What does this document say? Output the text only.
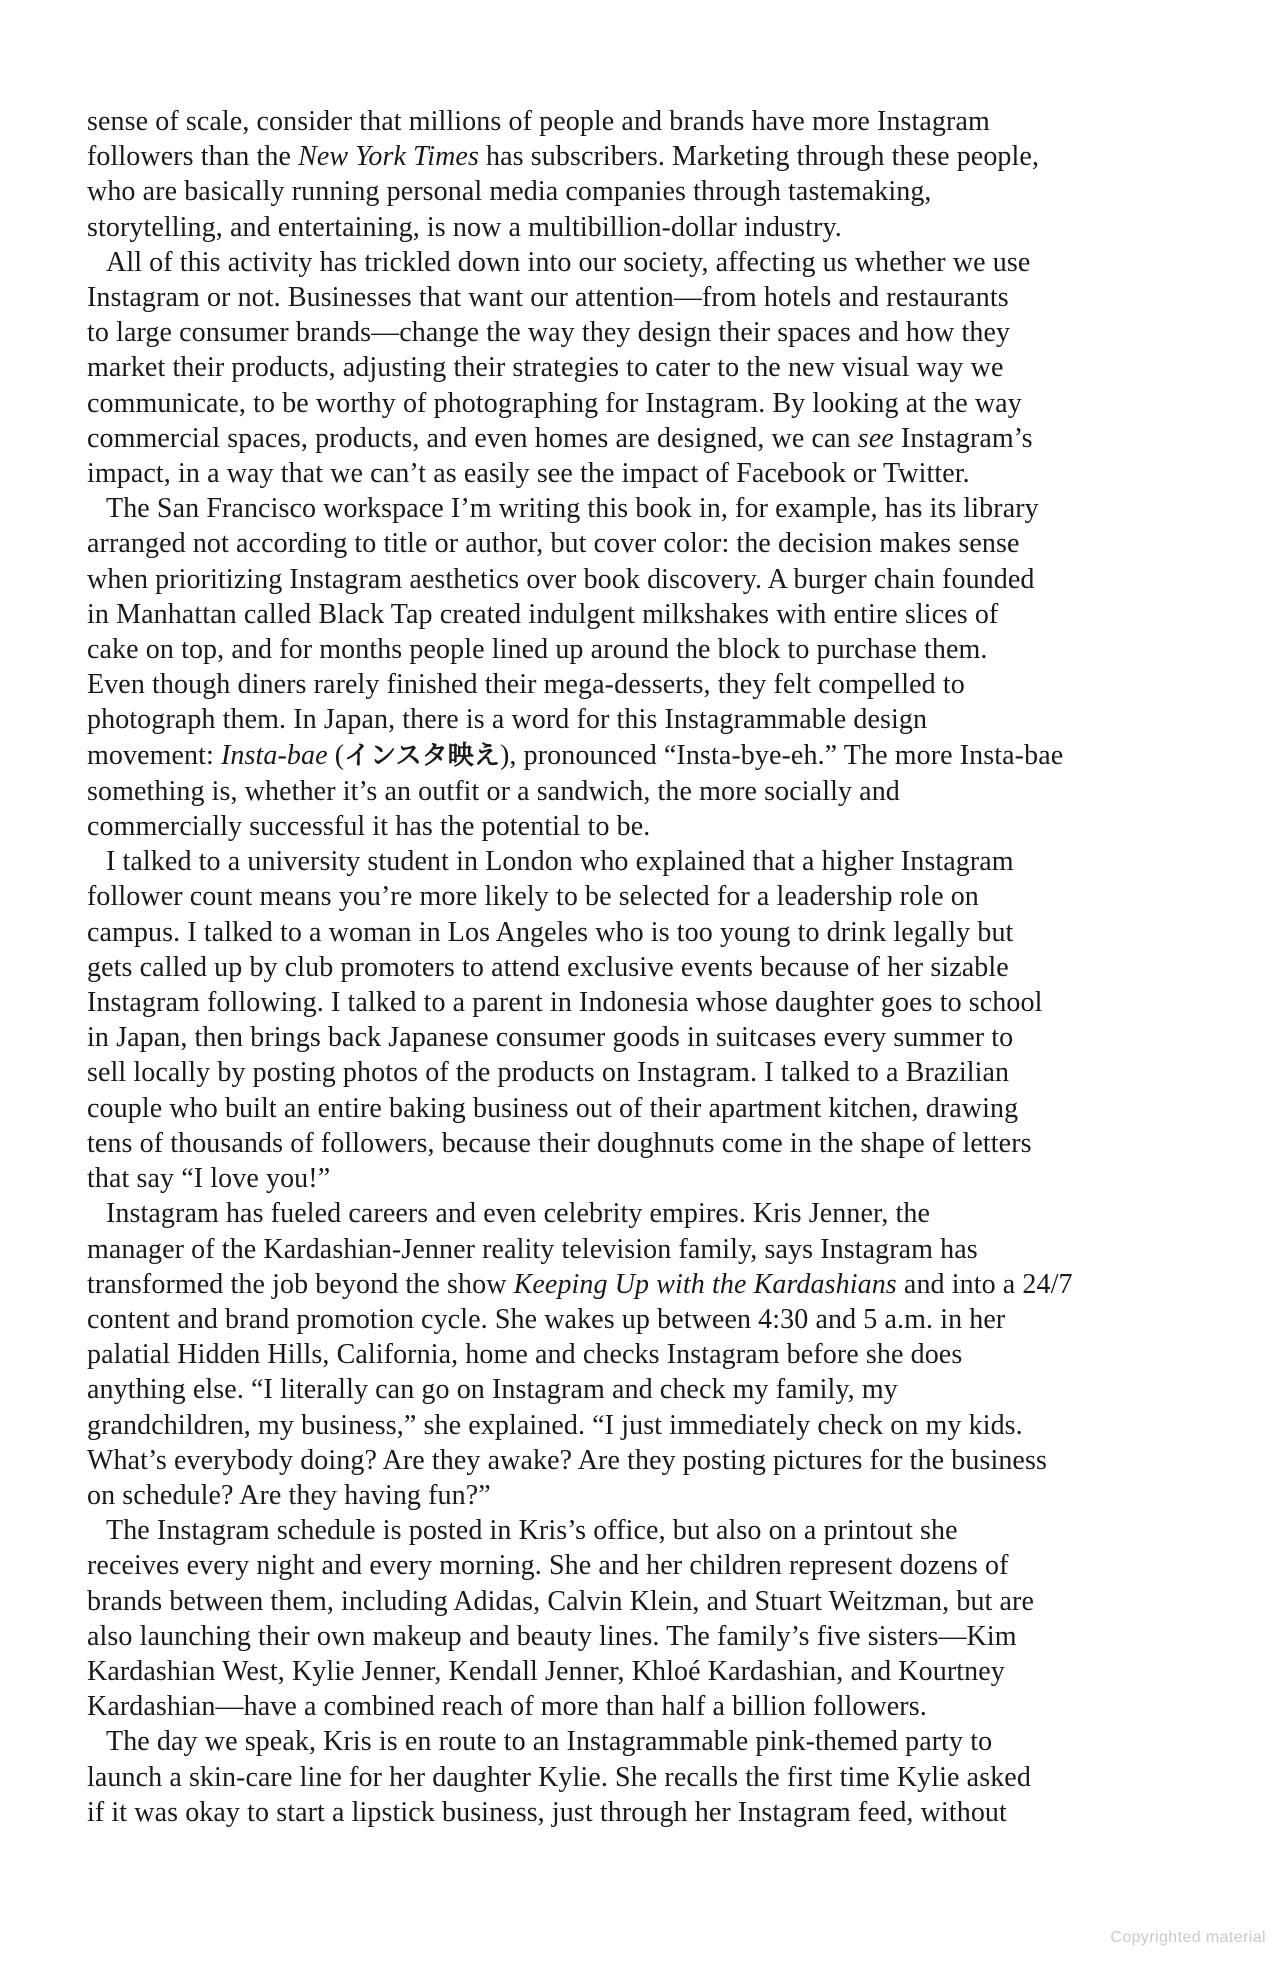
sense of scale, consider that millions of people and brands have more Instagram
followers than the New York Times has subscribers. Marketing through these people,
who are basically running personal media companies through tastemaking,
storytelling, and entertaining, is now a multibillion-dollar industry.
All of this activity has trickled down into our society, affecting us whether we use
Instagram or not. Businesses that want our attention—from hotels and restaurants
to large consumer brands—change the way they design their spaces and how they
market their products, adjusting their strategies to cater to the new visual way we
communicate, to be worthy of photographing for Instagram. By looking at the way
commercial spaces, products, and even homes are designed, we can see Instagram’s
impact, in a way that we can’t as easily see the impact of Facebook or Twitter.
The San Francisco workspace I’m writing this book in, for example, has its library
arranged not according to title or author, but cover color: the decision makes sense
when prioritizing Instagram aesthetics over book discovery. A burger chain founded
in Manhattan called Black Tap created indulgent milkshakes with entire slices of
cake on top, and for months people lined up around the block to purchase them.
Even though diners rarely finished their mega-desserts, they felt compelled to
photograph them. In Japan, there is a word for this Instagrammable design
movement: Insta-bae (インスタ映え), pronounced “Insta-bye-eh.” The more Insta-bae
something is, whether it’s an outfit or a sandwich, the more socially and
commercially successful it has the potential to be.
I talked to a university student in London who explained that a higher Instagram
follower count means you’re more likely to be selected for a leadership role on
campus. I talked to a woman in Los Angeles who is too young to drink legally but
gets called up by club promoters to attend exclusive events because of her sizable
Instagram following. I talked to a parent in Indonesia whose daughter goes to school
in Japan, then brings back Japanese consumer goods in suitcases every summer to
sell locally by posting photos of the products on Instagram. I talked to a Brazilian
couple who built an entire baking business out of their apartment kitchen, drawing
tens of thousands of followers, because their doughnuts come in the shape of letters
that say “I love you!”
Instagram has fueled careers and even celebrity empires. Kris Jenner, the
manager of the Kardashian-Jenner reality television family, says Instagram has
transformed the job beyond the show Keeping Up with the Kardashians and into a 24/7
content and brand promotion cycle. She wakes up between 4:30 and 5 a.m. in her
palatial Hidden Hills, California, home and checks Instagram before she does
anything else. “I literally can go on Instagram and check my family, my
grandchildren, my business,” she explained. “I just immediately check on my kids.
What’s everybody doing? Are they awake? Are they posting pictures for the business
on schedule? Are they having fun?”
The Instagram schedule is posted in Kris’s office, but also on a printout she
receives every night and every morning. She and her children represent dozens of
brands between them, including Adidas, Calvin Klein, and Stuart Weitzman, but are
also launching their own makeup and beauty lines. The family’s five sisters—Kim
Kardashian West, Kylie Jenner, Kendall Jenner, Khloé Kardashian, and Kourtney
Kardashian—have a combined reach of more than half a billion followers.
The day we speak, Kris is en route to an Instagrammable pink-themed party to
launch a skin-care line for her daughter Kylie. She recalls the first time Kylie asked
if it was okay to start a lipstick business, just through her Instagram feed, without
Copyrighted material
